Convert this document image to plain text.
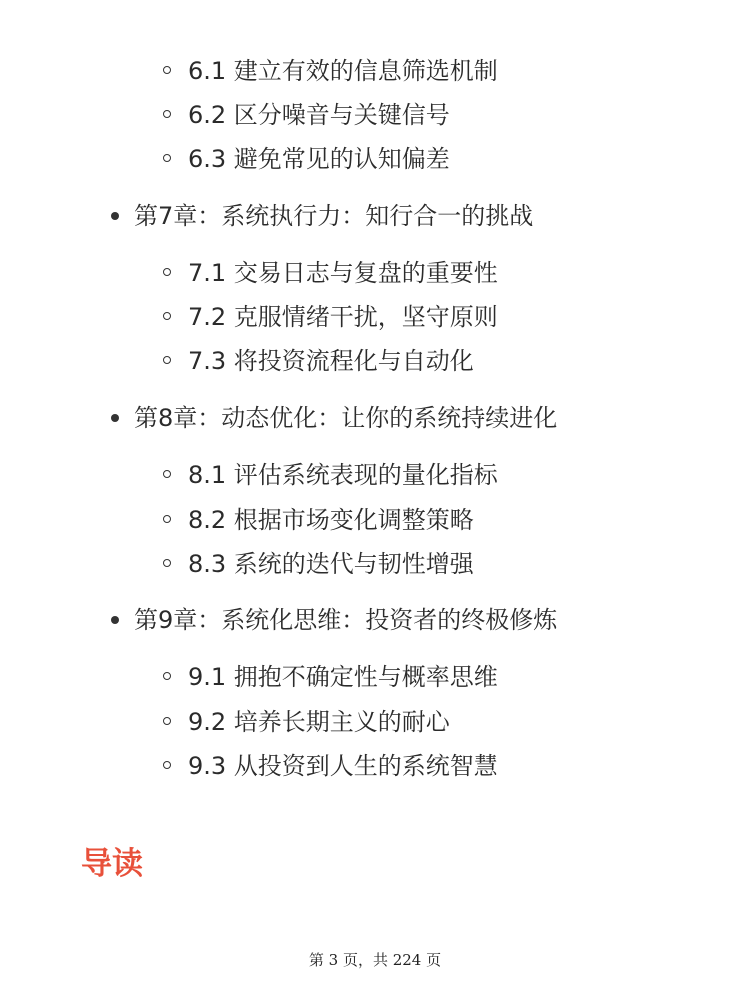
6.1 建立有效的信息筛选机制
6.2 区分噪音与关键信号
6.3 避免常见的认知偏差
第7章：系统执行力：知行合一的挑战
7.1 交易日志与复盘的重要性
7.2 克服情绪干扰，坚守原则
7.3 将投资流程化与自动化
第8章：动态优化：让你的系统持续进化
8.1 评估系统表现的量化指标
8.2 根据市场变化调整策略
8.3 系统的迭代与韧性增强
第9章：系统化思维：投资者的终极修炼
9.1 拥抱不确定性与概率思维
9.2 培养长期主义的耐心
9.3 从投资到人生的系统智慧
导读
第 3 页，共 224 页
